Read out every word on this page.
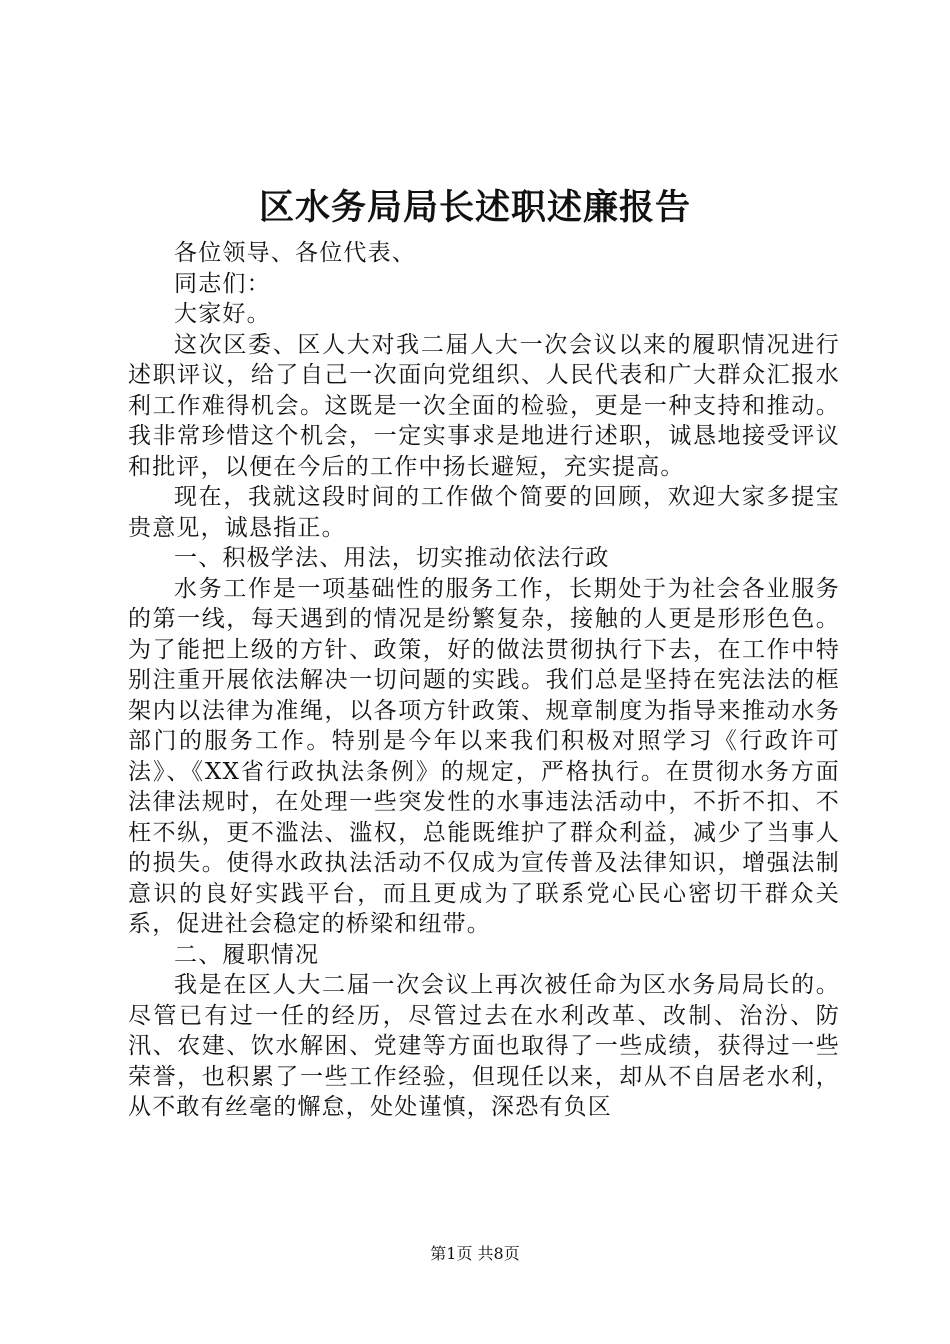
区水务局局长述职述廉报告

各位领导、各位代表、

同志们：

大家好。

这次区委、区人大对我二届人大一次会议以来的履职情况进行述职评议，给了自己一次面向党组织、人民代表和广大群众汇报水利工作难得机会。这既是一次全面的检验，更是一种支持和推动。我非常珍惜这个机会，一定实事求是地进行述职，诚恳地接受评议和批评，以便在今后的工作中扬长避短，充实提高。

现在，我就这段时间的工作做个简要的回顾，欢迎大家多提宝贵意见，诚恳指正。

一、积极学法、用法，切实推动依法行政

水务工作是一项基础性的服务工作，长期处于为社会各业服务的第一线，每天遇到的情况是纷繁复杂，接触的人更是形形色色。为了能把上级的方针、政策，好的做法贯彻执行下去，在工作中特别注重开展依法解决一切问题的实践。我们总是坚持在宪法法的框架内以法律为准绳，以各项方针政策、规章制度为指导来推动水务部门的服务工作。特别是今年以来我们积极对照学习《行政许可法》、《XX省行政执法条例》的规定，严格执行。在贯彻水务方面法律法规时，在处理一些突发性的水事违法活动中，不折不扣、不枉不纵，更不滥法、滥权，总能既维护了群众利益，减少了当事人的损失。使得水政执法活动不仅成为宣传普及法律知识，增强法制意识的良好实践平台，而且更成为了联系党心民心密切干群众关系，促进社会稳定的桥梁和纽带。

二、履职情况

我是在区人大二届一次会议上再次被任命为区水务局局长的。尽管已有过一任的经历，尽管过去在水利改革、改制、治汾、防汛、农建、饮水解困、党建等方面也取得了一些成绩，获得过一些荣誉，也积累了一些工作经验，但现任以来，却从不自居老水利，从不敢有丝毫的懈怠，处处谨慎，深恐有负区

第1页 共8页
